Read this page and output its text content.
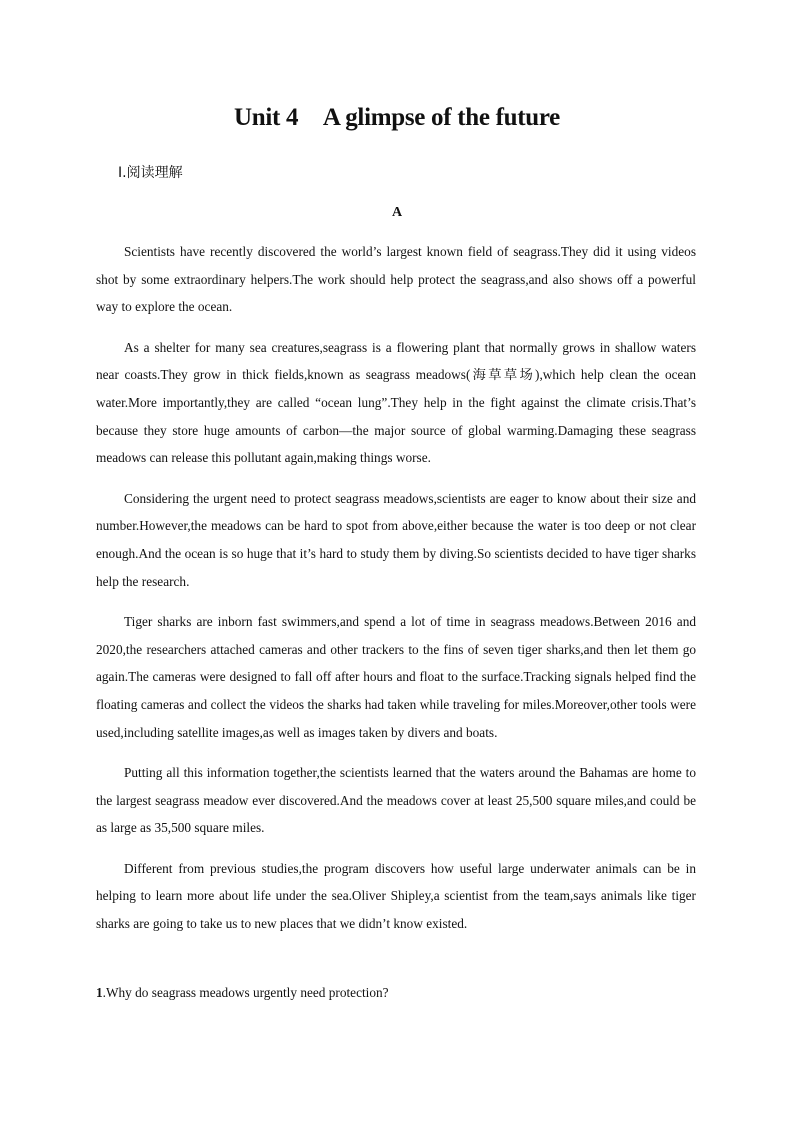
Unit 4 A glimpse of the future
Ⅰ.阅读理解
A

Scientists have recently discovered the world’s largest known field of seagrass.They did it using videos shot by some extraordinary helpers.The work should help protect the seagrass,and also shows off a powerful way to explore the ocean.

As a shelter for many sea creatures,seagrass is a flowering plant that normally grows in shallow waters near coasts.They grow in thick fields,known as seagrass meadows(海草草场),which help clean the ocean water.More importantly,they are called “ocean lung”.They help in the fight against the climate crisis.That’s because they store huge amounts of carbon—the major source of global warming.Damaging these seagrass meadows can release this pollutant again,making things worse.

Considering the urgent need to protect seagrass meadows,scientists are eager to know about their size and number.However,the meadows can be hard to spot from above,either because the water is too deep or not clear enough.And the ocean is so huge that it’s hard to study them by diving.So scientists decided to have tiger sharks help the research.

Tiger sharks are inborn fast swimmers,and spend a lot of time in seagrass meadows.Between 2016 and 2020,the researchers attached cameras and other trackers to the fins of seven tiger sharks,and then let them go again.The cameras were designed to fall off after hours and float to the surface.Tracking signals helped find the floating cameras and collect the videos the sharks had taken while traveling for miles.Moreover,other tools were used,including satellite images,as well as images taken by divers and boats.

Putting all this information together,the scientists learned that the waters around the Bahamas are home to the largest seagrass meadow ever discovered.And the meadows cover at least 25,500 square miles,and could be as large as 35,500 square miles.

Different from previous studies,the program discovers how useful large underwater animals can be in helping to learn more about life under the sea.Oliver Shipley,a scientist from the team,says animals like tiger sharks are going to take us to new places that we didn’t know existed.

1.Why do seagrass meadows urgently need protection?
